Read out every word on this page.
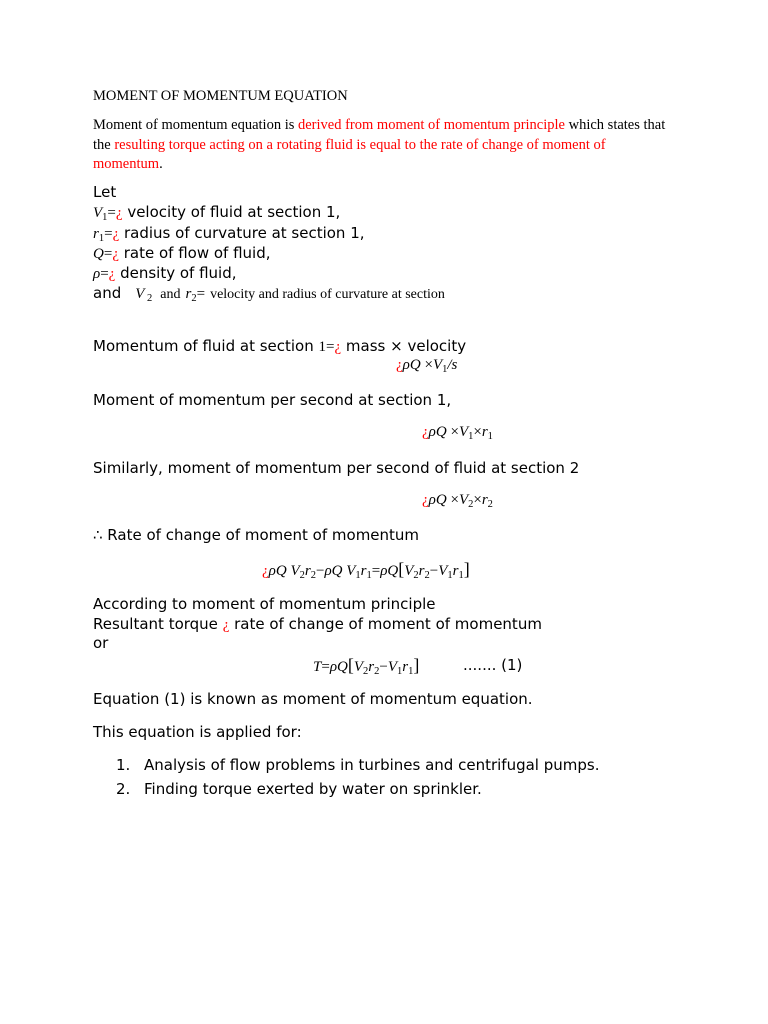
MOMENT OF MOMENTUM EQUATION
Moment of momentum equation is derived from moment of momentum principle which states that the resulting torque acting on a rotating fluid is equal to the rate of change of moment of momentum.
Let
$V_1=¿$ velocity of fluid at section 1,
$r_1=¿$ radius of curvature at section 1,
Q=¿ rate of flow of fluid,
ρ=¿ density of fluid,
and V $_2$ and $r_2=$ velocity and radius of curvature at section
Momentum of fluid at section 1=¿ mass × velocity
¿$\rho Q \times V_1/s$
Moment of momentum per second at section 1,
¿$\rho Q \times V_1\times r_1$
Similarly, moment of momentum per second of fluid at section 2
¿$\rho Q \times V_2\times r_2$
∴ Rate of change of moment of momentum
¿ρQ $V_2r_2-\rho Q$ $V_1r_1=\rho Q[V_2r_2-V_1r_1]$
According to moment of momentum principle
Resultant torque ¿ rate of change of moment of momentum
or
$T=\rho Q[V_2r_2-V_1r_1]$	....... (1)
Equation (1) is known as moment of momentum equation.
This equation is applied for:
1. Analysis of flow problems in turbines and centrifugal pumps.
2. Finding torque exerted by water on sprinkler.
